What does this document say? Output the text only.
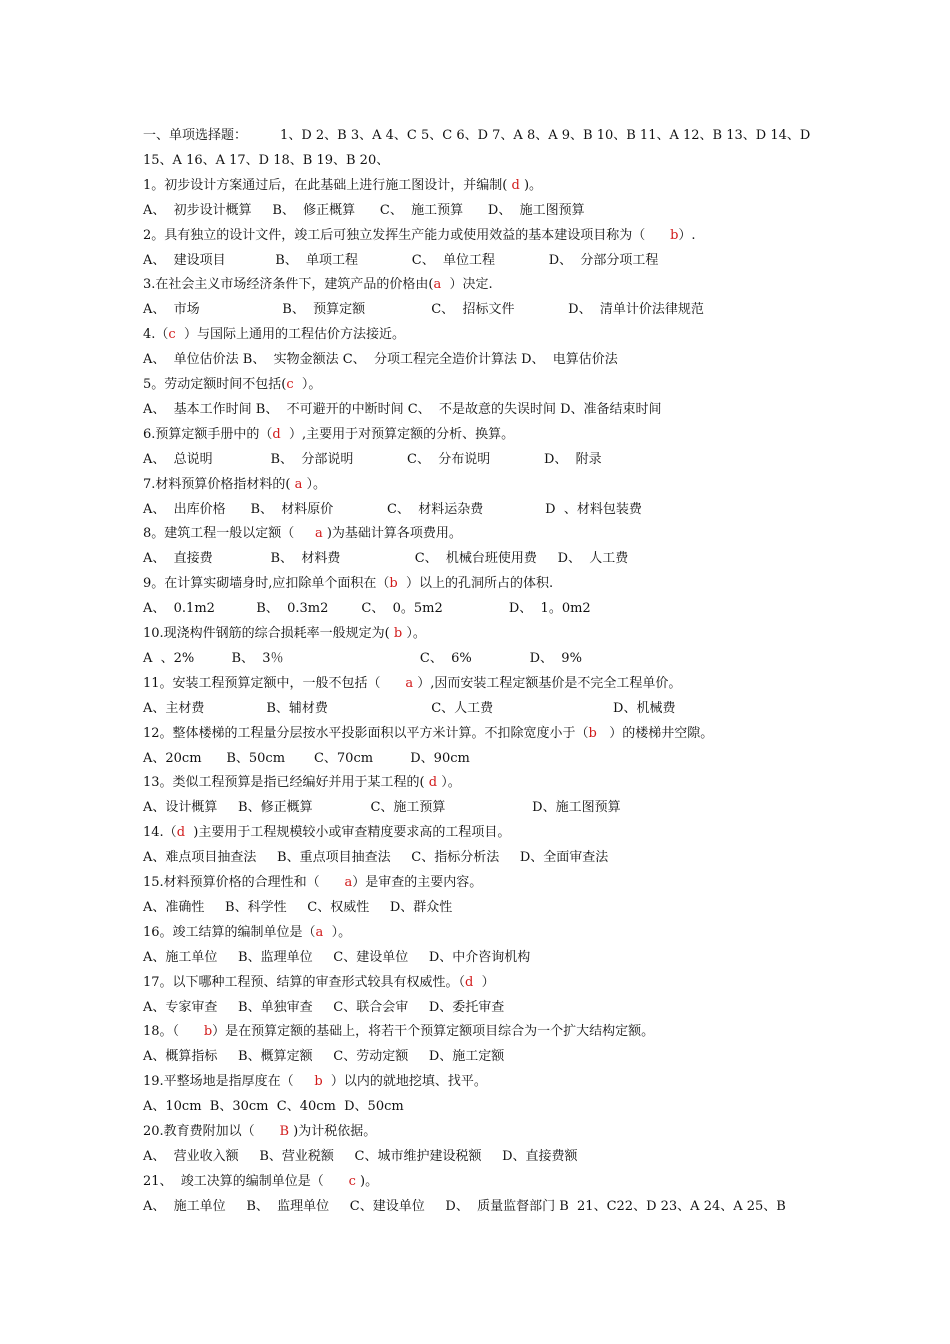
一、单项选择题：        1、D 2、B 3、A 4、C 5、C 6、D 7、A 8、A 9、B 10、B 11、A 12、B 13、D 14、D
15、A 16、A 17、D 18、B 19、B 20、
1。初步设计方案通过后，在此基础上进行施工图设计，并编制( d )。
A、  初步设计概算     B、  修正概算      C、  施工预算      D、  施工图预算
2。具有独立的设计文件，竣工后可独立发挥生产能力或使用效益的基本建设项目称为（      b）.
A、  建设项目            B、  单项工程             C、  单位工程             D、  分部分项工程
3.在社会主义市场经济条件下，建筑产品的价格由(a  ）决定.
A、  市场                    B、  预算定额                C、  招标文件             D、  清单计价法律规范
4.（c  ）与国际上通用的工程估价方法接近。
A、  单位估价法 B、  实物金额法 C、  分项工程完全造价计算法 D、  电算估价法
5。劳动定额时间不包括(c  ）。
A、  基本工作时间 B、  不可避开的中断时间 C、  不是故意的失误时间 D、准备结束时间
6.预算定额手册中的（d  ）,主要用于对预算定额的分析、换算。
A、  总说明              B、  分部说明             C、  分布说明             D、  附录
7.材料预算价格指材料的( a ）。
A、  出库价格      B、  材料原价             C、  材料运杂费               D  、材料包装费
8。建筑工程一般以定额（     a )为基础计算各项费用。
A、  直接费              B、  材料费                  C、  机械台班使用费     D、  人工费
9。在计算实砌墙身时,应扣除单个面积在（b  ）以上的孔洞所占的体积.
A、  0.1m2          B、  0.3m2        C、  0。5m2                D、  1。0m2
10.现浇构件钢筋的综合损耗率一般规定为( b ）。
A  、2%         B、  3％                                 C、  6%              D、  9%
11。安装工程预算定额中，一般不包括（      a ）,因而安装工程定额基价是不完全工程单价。
A、主材费               B、辅材费                         C、人工费                             D、机械费
12。整体楼梯的工程量分层按水平投影面积以平方米计算。不扣除宽度小于（b   ）的楼梯井空隙。
A、20cm      B、50cm       C、70cm         D、90cm
13。类似工程预算是指已经编好并用于某工程的( d ）。
A、设计概算     B、修正概算              C、施工预算                     D、施工图预算
14.（d  )主要用于工程规模较小或审查精度要求高的工程项目。
A、难点项目抽查法     B、重点项目抽查法     C、指标分析法     D、全面审查法
15.材料预算价格的合理性和（      a）是审查的主要内容。
A、准确性     B、科学性     C、权威性     D、群众性
16。竣工结算的编制单位是（a  ）。
A、施工单位     B、监理单位     C、建设单位     D、中介咨询机构
17。以下哪种工程预、结算的审查形式较具有权威性。（d  ）
A、专家审查     B、单独审查     C、联合会审     D、委托审查
18。（      b）是在预算定额的基础上，将若干个预算定额项目综合为一个扩大结构定额。
A、概算指标     B、概算定额     C、劳动定额     D、施工定额
19.平整场地是指厚度在（     b  ）以内的就地挖填、找平。
A、10cm  B、30cm  C、40cm  D、50cm
20.教育费附加以（      B )为计税依据。
A、  营业收入额     B、营业税额     C、城市维护建设税额     D、直接费额
21、  竣工决算的编制单位是（      c )。
A、  施工单位     B、  监理单位     C、建设单位     D、  质量监督部门 B  21、C22、D 23、A 24、A 25、B
